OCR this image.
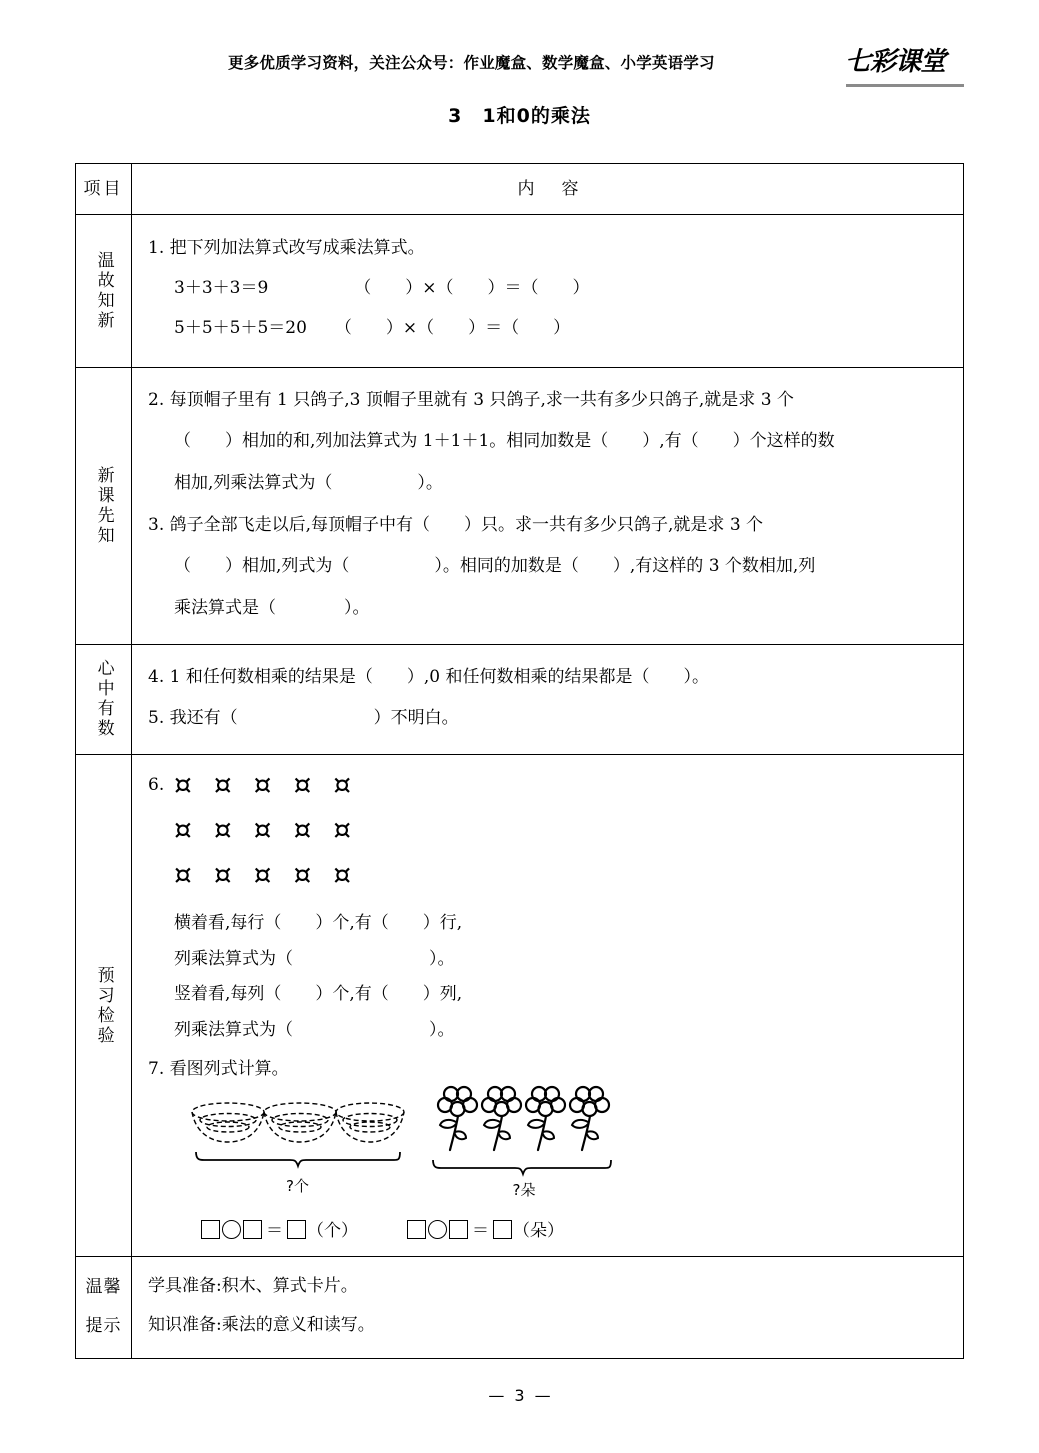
更多优质学习资料，关注公众号：作业魔盒、数学魔盒、小学英语学习	七彩课堂
3　1和0的乘法
项目	内 容
温故知新
1. 把下列加法算式改写成乘法算式。
3＋3＋3＝9	（　　）×（　　）＝（　　）
5＋5＋5＋5＝20 （　　）×（　　）＝（　　）
新课先知
2. 每顶帽子里有 1 只鸽子,3 顶帽子里就有 3 只鸽子,求一共有多少只鸽子,就是求 3 个
（　　）相加的和,列加法算式为 1＋1＋1。相同加数是（　　）,有（　　）个这样的数
相加,列乘法算式为（　　　　　）。
3. 鸽子全部飞走以后,每顶帽子中有（　　）只。求一共有多少只鸽子,就是求 3 个
（　　）相加,列式为（　　　　　）。相同的加数是（　　）,有这样的 3 个数相加,列
乘法算式是（　　　　）。
心中有数 4. 1 和任何数相乘的结果是（　　）,0 和任何数相乘的结果都是（　　）。
5. 我还有（　　　　　　　　）不明白。
预习检验
6. ¤¤¤¤¤
¤¤¤¤¤
¤¤¤¤¤
横着看,每行（　　）个,有（　　）行,
列乘法算式为（　　　　　　　　）。
竖着看,每列（　　）个,有（　　）列,
列乘法算式为（　　　　　　　　）。
7. 看图列式计算。
?个	?朵
＝ （个）	＝ （朵）
温馨
提示
学具准备:积木、算式卡片。
知识准备:乘法的意义和读写。
— 3 —
